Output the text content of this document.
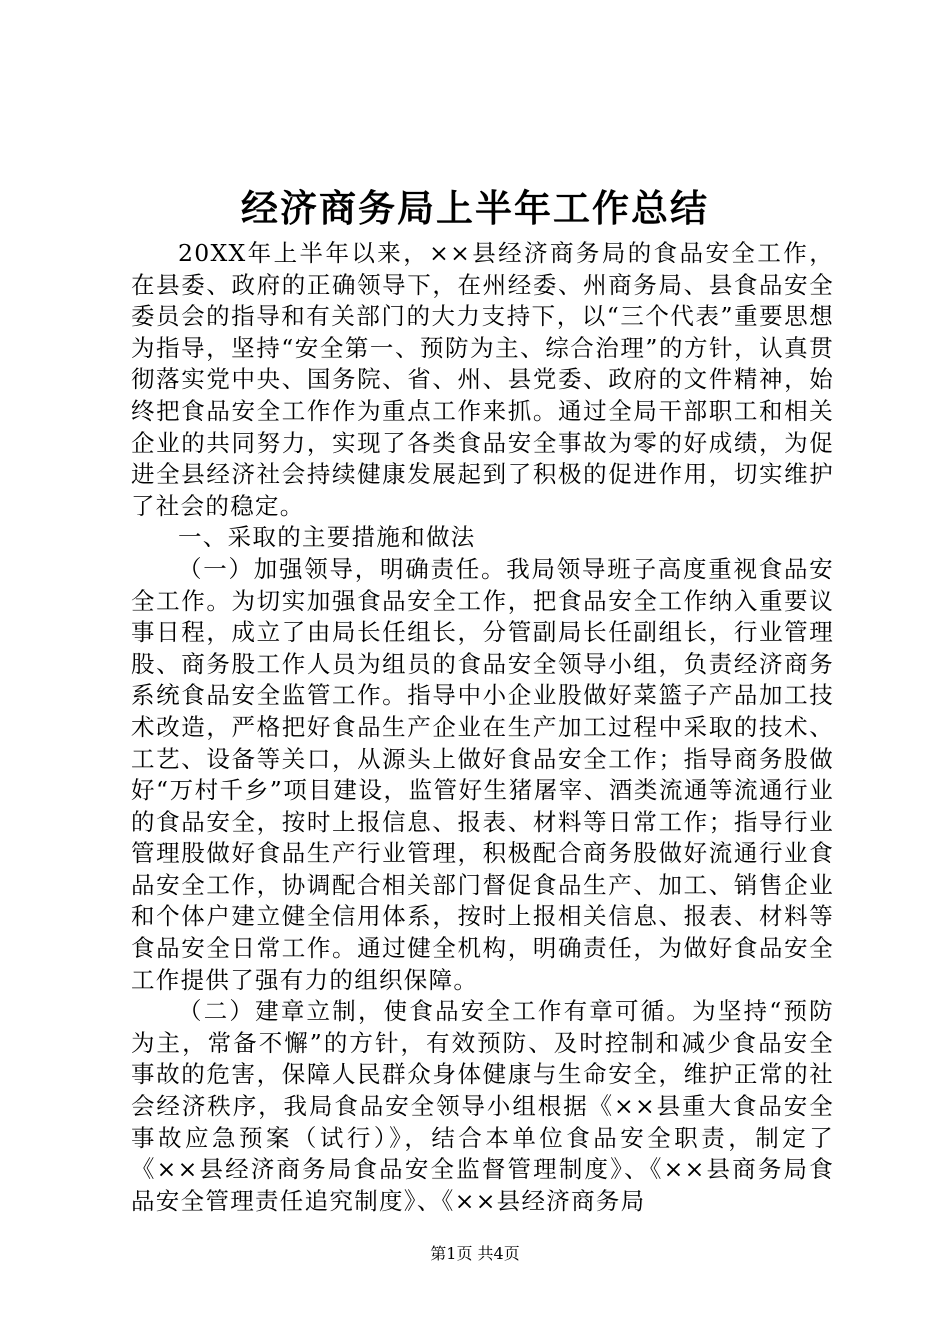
经济商务局上半年工作总结

20XX年上半年以来，××县经济商务局的食品安全工作，在县委、政府的正确领导下，在州经委、州商务局、县食品安全委员会的指导和有关部门的大力支持下，以“三个代表”重要思想为指导，坚持“安全第一、预防为主、综合治理”的方针，认真贯彻落实党中央、国务院、省、州、县党委、政府的文件精神，始终把食品安全工作作为重点工作来抓。通过全局干部职工和相关企业的共同努力，实现了各类食品安全事故为零的好成绩，为促进全县经济社会持续健康发展起到了积极的促进作用，切实维护了社会的稳定。

一、采取的主要措施和做法

（一）加强领导，明确责任。我局领导班子高度重视食品安全工作。为切实加强食品安全工作，把食品安全工作纳入重要议事日程，成立了由局长任组长，分管副局长任副组长，行业管理股、商务股工作人员为组员的食品安全领导小组，负责经济商务系统食品安全监管工作。指导中小企业股做好菜篮子产品加工技术改造，严格把好食品生产企业在生产加工过程中采取的技术、工艺、设备等关口，从源头上做好食品安全工作；指导商务股做好“万村千乡”项目建设，监管好生猪屠宰、酒类流通等流通行业的食品安全，按时上报信息、报表、材料等日常工作；指导行业管理股做好食品生产行业管理，积极配合商务股做好流通行业食品安全工作，协调配合相关部门督促食品生产、加工、销售企业和个体户建立健全信用体系，按时上报相关信息、报表、材料等食品安全日常工作。通过健全机构，明确责任，为做好食品安全工作提供了强有力的组织保障。

（二）建章立制，使食品安全工作有章可循。为坚持“预防为主，常备不懈”的方针，有效预防、及时控制和减少食品安全事故的危害，保障人民群众身体健康与生命安全，维护正常的社会经济秩序，我局食品安全领导小组根据《××县重大食品安全事故应急预案（试行）》，结合本单位食品安全职责，制定了《××县经济商务局食品安全监督管理制度》、《××县商务局食品安全管理责任追究制度》、《××县经济商务局

第1页 共4页
